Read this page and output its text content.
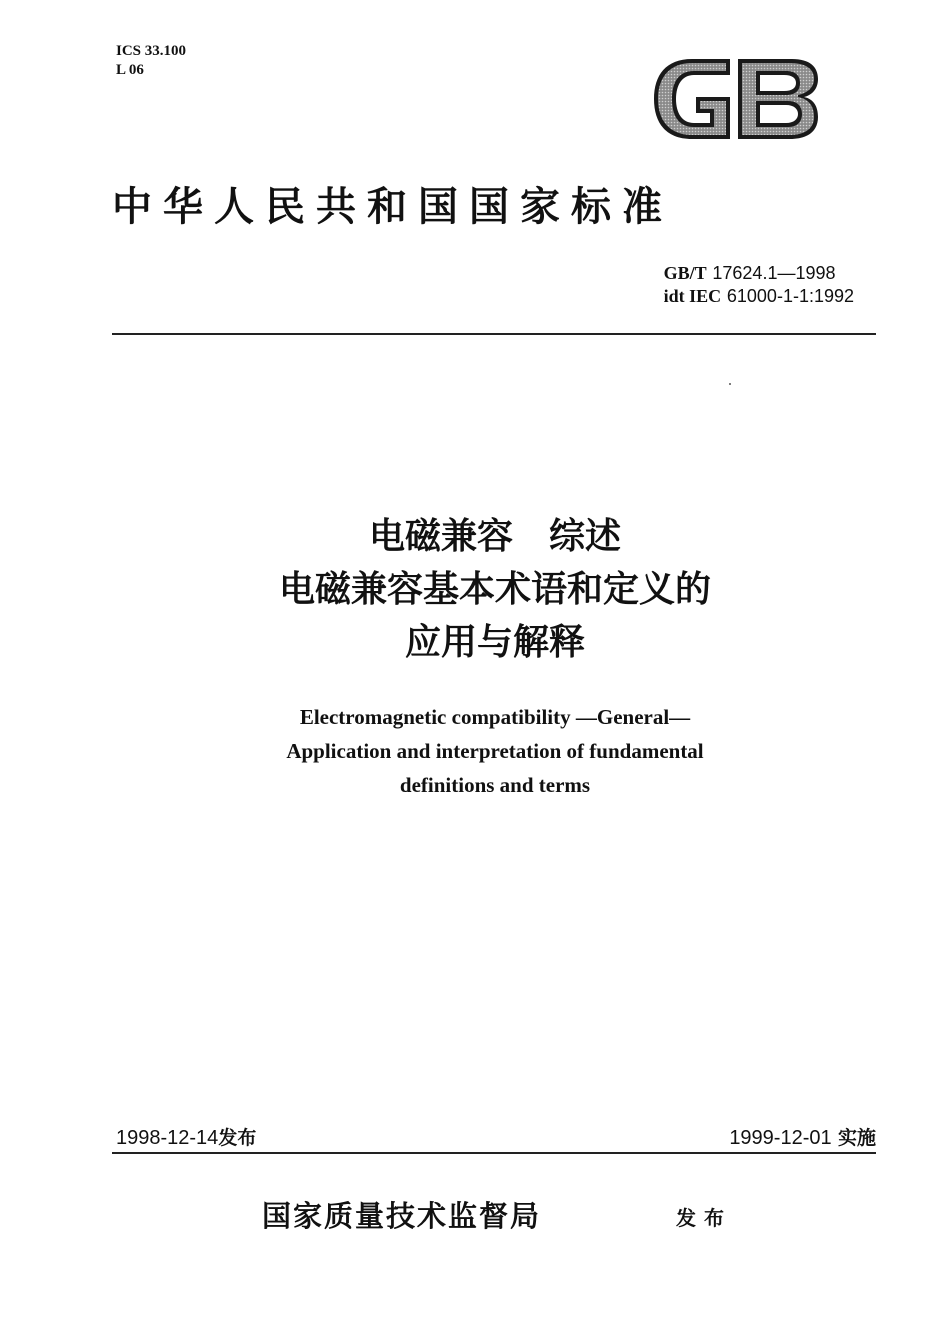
ICS 33.100
L 06
中华人民共和国国家标准
GB/T 17624.1—1998
idt IEC 61000-1-1:1992
电磁兼容　综述
电磁兼容基本术语和定义的
应用与解释
Electromagnetic compatibility —General—
Application and interpretation of fundamental
definitions and terms
1998-12-14发布	1999-12-01 实施
国家质量技术监督局	发布
